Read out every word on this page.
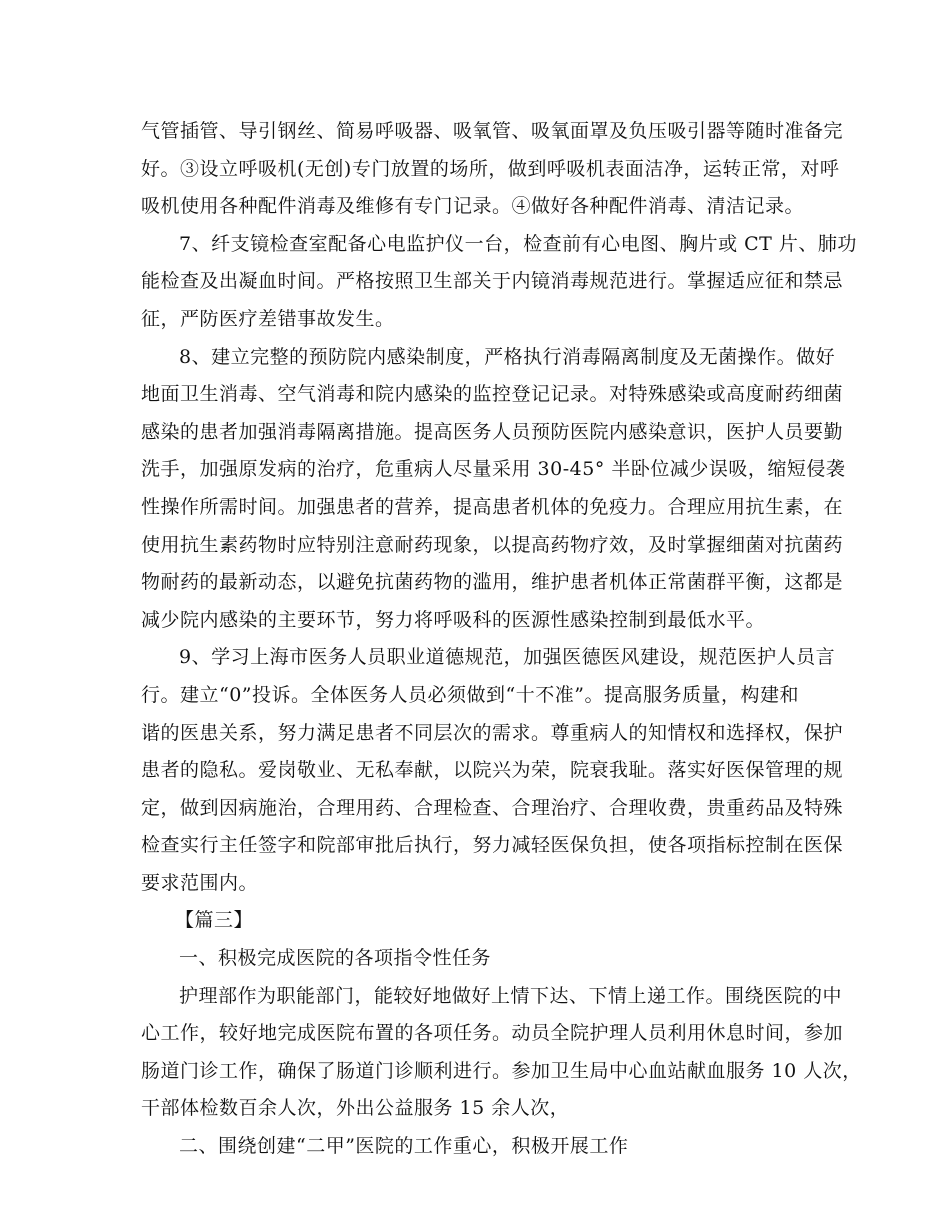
气管插管、导引钢丝、简易呼吸器、吸氧管、吸氧面罩及负压吸引器等随时准备完
好。③设立呼吸机(无创)专门放置的场所，做到呼吸机表面洁净，运转正常，对呼
吸机使用各种配件消毒及维修有专门记录。④做好各种配件消毒、清洁记录。
7、纤支镜检查室配备心电监护仪一台，检查前有心电图、胸片或 CT 片、肺功
能检查及出凝血时间。严格按照卫生部关于内镜消毒规范进行。掌握适应征和禁忌
征，严防医疗差错事故发生。
8、建立完整的预防院内感染制度，严格执行消毒隔离制度及无菌操作。做好
地面卫生消毒、空气消毒和院内感染的监控登记记录。对特殊感染或高度耐药细菌
感染的患者加强消毒隔离措施。提高医务人员预防医院内感染意识，医护人员要勤
洗手，加强原发病的治疗，危重病人尽量采用 30-45° 半卧位减少误吸，缩短侵袭
性操作所需时间。加强患者的营养，提高患者机体的免疫力。合理应用抗生素，在
使用抗生素药物时应特别注意耐药现象，以提高药物疗效，及时掌握细菌对抗菌药
物耐药的最新动态，以避免抗菌药物的滥用，维护患者机体正常菌群平衡，这都是
减少院内感染的主要环节，努力将呼吸科的医源性感染控制到最低水平。
9、学习上海市医务人员职业道德规范，加强医德医风建设，规范医护人员言
行。建立“0”投诉。全体医务人员必须做到“十不准”。提高服务质量，构建和
谐的医患关系，努力满足患者不同层次的需求。尊重病人的知情权和选择权，保护
患者的隐私。爱岗敬业、无私奉献，以院兴为荣，院衰我耻。落实好医保管理的规
定，做到因病施治，合理用药、合理检查、合理治疗、合理收费，贵重药品及特殊
检查实行主任签字和院部审批后执行，努力减轻医保负担，使各项指标控制在医保
要求范围内。
【篇三】
一、积极完成医院的各项指令性任务
护理部作为职能部门，能较好地做好上情下达、下情上递工作。围绕医院的中
心工作，较好地完成医院布置的各项任务。动员全院护理人员利用休息时间，参加
肠道门诊工作，确保了肠道门诊顺利进行。参加卫生局中心血站献血服务 10 人次，
干部体检数百余人次，外出公益服务 15 余人次，
二、围绕创建“二甲”医院的工作重心，积极开展工作
